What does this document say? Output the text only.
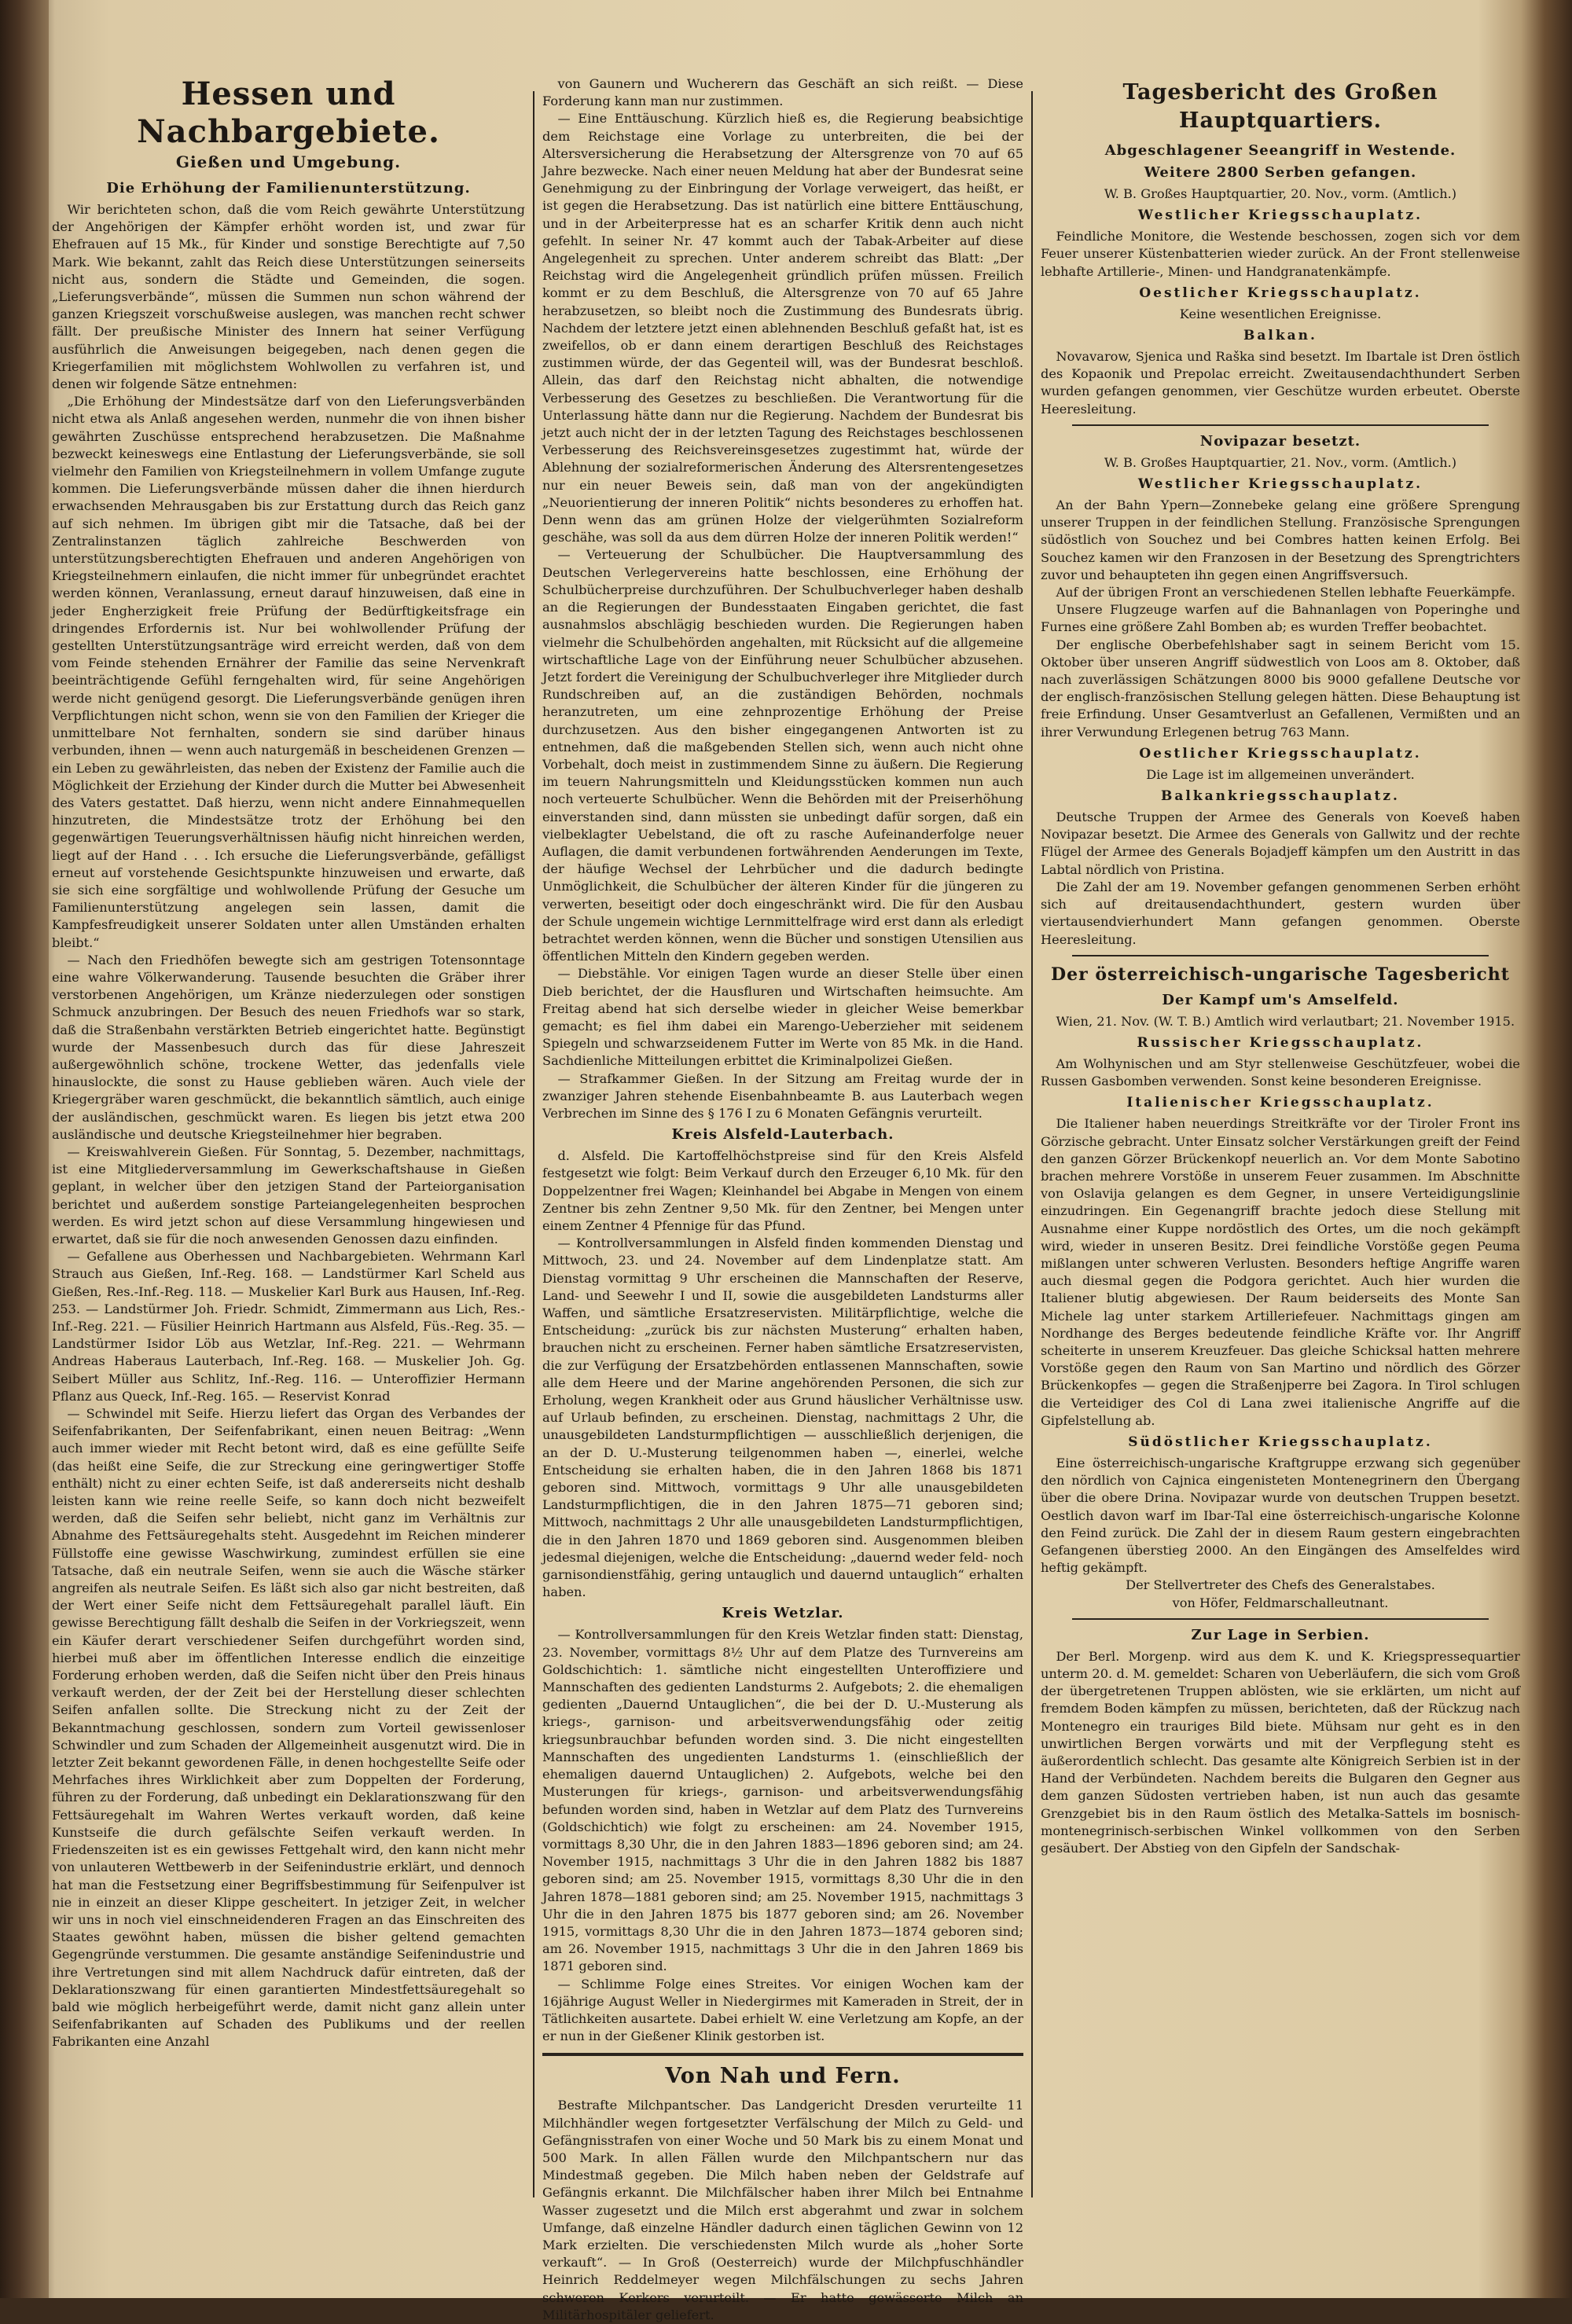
Hessen und Nachbargebiete.
Gießen und Umgebung.
Die Erhöhung der Familienunterstützung.

Wir berichteten schon, daß die vom Reich gewährte Unterstützung der Angehörigen der Kämpfer erhöht worden ist, und zwar für Ehefrauen auf 15 Mk., für Kinder und sonstige Berechtigte auf 7,50 Mark. Wie bekannt, zahlt das Reich diese Unterstützungen seinerseits nicht aus, sondern die Städte und Gemeinden, die sogen. „Lieferungsverbände“, müssen die Summen nun schon während der ganzen Kriegszeit vorschußweise auslegen, was manchen recht schwer fällt. Der preußische Minister des Innern hat seiner Verfügung ausführlich die Anweisungen beigegeben, nach denen gegen die Kriegerfamilien mit möglichstem Wohlwollen zu verfahren ist, und denen wir folgende Sätze entnehmen:

„Die Erhöhung der Mindestsätze darf von den Lieferungsverbänden nicht etwa als Anlaß angesehen werden, nunmehr die von ihnen bisher gewährten Zuschüsse entsprechend herabzusetzen. Die Maßnahme bezweckt keineswegs eine Entlastung der Lieferungsverbände, sie soll vielmehr den Familien von Kriegsteilnehmern in vollem Umfange zugute kommen. Die Lieferungsverbände müssen daher die ihnen hierdurch erwachsenden Mehrausgaben bis zur Erstattung durch das Reich ganz auf sich nehmen. Im übrigen gibt mir die Tatsache, daß bei der Zentralinstanzen täglich zahlreiche Beschwerden von unterstützungsberechtigten Ehefrauen und anderen Angehörigen von Kriegsteilnehmern einlaufen, die nicht immer für unbegründet erachtet werden können, Veranlassung, erneut darauf hinzuweisen, daß eine in jeder Engherzigkeit freie Prüfung der Bedürftigkeitsfrage ein dringendes Erfordernis ist. Nur bei wohlwollender Prüfung der gestellten Unterstützungsanträge wird erreicht werden, daß von dem vom Feinde stehenden Ernährer der Familie das seine Nervenkraft beeinträchtigende Gefühl ferngehalten wird, für seine Angehörigen werde nicht genügend gesorgt. Die Lieferungsverbände genügen ihren Verpflichtungen nicht schon, wenn sie von den Familien der Krieger die unmittelbare Not fernhalten, sondern sie sind darüber hinaus verbunden, ihnen — wenn auch naturgemäß in bescheidenen Grenzen — ein Leben zu gewährleisten, das neben der Existenz der Familie auch die Möglichkeit der Erziehung der Kinder durch die Mutter bei Abwesenheit des Vaters gestattet. Daß hierzu, wenn nicht andere Einnahmequellen hinzutreten, die Mindestsätze trotz der Erhöhung bei den gegenwärtigen Teuerungsverhältnissen häufig nicht hinreichen werden, liegt auf der Hand . . . Ich ersuche die Lieferungsverbände, gefälligst erneut auf vorstehende Gesichtspunkte hinzuweisen und erwarte, daß sie sich eine sorgfältige und wohlwollende Prüfung der Gesuche um Familienunterstützung angelegen sein lassen, damit die Kampfesfreudigkeit unserer Soldaten unter allen Umständen erhalten bleibt.“

— Nach den Friedhöfen bewegte sich am gestrigen Totensonntage eine wahre Völkerwanderung. Tausende besuchten die Gräber ihrer verstorbenen Angehörigen, um Kränze niederzulegen oder sonstigen Schmuck anzubringen. Der Besuch des neuen Friedhofs war so stark, daß die Straßenbahn verstärkten Betrieb eingerichtet hatte. Begünstigt wurde der Massenbesuch durch das für diese Jahreszeit außergewöhnlich schöne, trockene Wetter, das jedenfalls viele hinauslockte, die sonst zu Hause geblieben wären. Auch viele der Kriegergräber waren geschmückt, die bekanntlich sämtlich, auch einige der ausländischen, geschmückt waren. Es liegen bis jetzt etwa 200 ausländische und deutsche Kriegsteilnehmer hier begraben.

— Kreiswahlverein Gießen. Für Sonntag, 5. Dezember, nachmittags, ist eine Mitgliederversammlung im Gewerkschaftshause in Gießen geplant, in welcher über den jetzigen Stand der Parteiorganisation berichtet und außerdem sonstige Parteiangelegenheiten besprochen werden. Es wird jetzt schon auf diese Versammlung hingewiesen und erwartet, daß sie für die noch anwesenden Genossen dazu einfinden.

— Gefallene aus Oberhessen und Nachbargebieten. Wehrmann Karl Strauch aus Gießen, Inf.-Reg. 168. — Landstürmer Karl Scheld aus Gießen, Res.-Inf.-Reg. 118. — Muskelier Karl Burk aus Hausen, Inf.-Reg. 253. — Landstürmer Joh. Friedr. Schmidt, Zimmermann aus Lich, Res.-Inf.-Reg. 221. — Füsilier Heinrich Hartmann aus Alsfeld, Füs.-Reg. 35. — Landstürmer Isidor Löb aus Wetzlar, Inf.-Reg. 221. — Wehrmann Andreas Haberaus Lauterbach, Inf.-Reg. 168. — Muskelier Joh. Gg. Seibert Müller aus Schlitz, Inf.-Reg. 116. — Unteroffizier Hermann Pflanz aus Queck, Inf.-Reg. 165. — Reservist Konrad

— Schwindel mit Seife. Hierzu liefert das Organ des Verbandes der Seifenfabrikanten, Der Seifenfabrikant, einen neuen Beitrag: „Wenn auch immer wieder mit Recht betont wird, daß es eine gefüllte Seife (das heißt eine Seife, die zur Streckung eine geringwertiger Stoffe enthält) nicht zu einer echten Seife, ist daß andererseits nicht deshalb leisten kann wie reine reelle Seife, so kann doch nicht bezweifelt werden, daß die Seifen sehr beliebt, nicht ganz im Verhältnis zur Abnahme des Fettsäuregehalts steht. Ausgedehnt im Reichen minderer Füllstoffe eine gewisse Waschwirkung, zumindest erfüllen sie eine Tatsache, daß ein neutrale Seifen, wenn sie auch die Wäsche stärker angreifen als neutrale Seifen. Es läßt sich also gar nicht bestreiten, daß der Wert einer Seife nicht dem Fettsäuregehalt parallel läuft. Ein gewisse Berechtigung fällt deshalb die Seifen in der Vorkriegszeit, wenn ein Käufer derart verschiedener Seifen durchgeführt worden sind, hierbei muß aber im öffentlichen Interesse endlich die einzeitige Forderung erhoben werden, daß die Seifen nicht über den Preis hinaus verkauft werden, der der Zeit bei der Herstellung dieser schlechten Seifen anfallen sollte. Die Streckung nicht zu der Zeit der Bekanntmachung geschlossen, sondern zum Vorteil gewissenloser Schwindler und zum Schaden der Allgemeinheit ausgenutzt wird. Die in letzter Zeit bekannt gewordenen Fälle, in denen hochgestellte Seife oder Mehrfaches ihres Wirklichkeit aber zum Doppelten der Forderung, führen zu der Forderung, daß unbedingt ein Deklarationszwang für den Fettsäuregehalt im Wahren Wertes verkauft worden, daß keine Kunstseife die durch gefälschte Seifen verkauft werden. In Friedenszeiten ist es ein gewisses Fettgehalt wird, den kann nicht mehr von unlauteren Wettbewerb in der Seifenindustrie erklärt, und dennoch hat man die Festsetzung einer Begriffsbestimmung für Seifenpulver ist nie in einzeit an dieser Klippe gescheitert. In jetziger Zeit, in welcher wir uns in noch viel einschneidenderen Fragen an das Einschreiten des Staates gewöhnt haben, müssen die bisher geltend gemachten Gegengründe verstummen. Die gesamte anständige Seifenindustrie und ihre Vertretungen sind mit allem Nachdruck dafür eintreten, daß der Deklarationszwang für einen garantierten Mindestfettsäuregehalt so bald wie möglich herbeigeführt werde, damit nicht ganz allein unter Seifenfabrikanten auf Schaden des Publikums und der reellen Fabrikanten eine Anzahl

von Gaunern und Wucherern das Geschäft an sich reißt. — Diese Forderung kann man nur zustimmen.

— Eine Enttäuschung. Kürzlich hieß es, die Regierung beabsichtige dem Reichstage eine Vorlage zu unterbreiten, die bei der Altersversicherung die Herabsetzung der Altersgrenze von 70 auf 65 Jahre bezwecke. Nach einer neuen Meldung hat aber der Bundesrat seine Genehmigung zu der Einbringung der Vorlage verweigert, das heißt, er ist gegen die Herabsetzung. Das ist natürlich eine bittere Enttäuschung, und in der Arbeiterpresse hat es an scharfer Kritik denn auch nicht gefehlt. In seiner Nr. 47 kommt auch der Tabak-Arbeiter auf diese Angelegenheit zu sprechen. Unter anderem schreibt das Blatt: „Der Reichstag wird die Angelegenheit gründlich prüfen müssen. Freilich kommt er zu dem Beschluß, die Altersgrenze von 70 auf 65 Jahre herabzusetzen, so bleibt noch die Zustimmung des Bundesrats übrig. Nachdem der letztere jetzt einen ablehnenden Beschluß gefaßt hat, ist es zweifellos, ob er dann einem derartigen Beschluß des Reichstages zustimmen würde, der das Gegenteil will, was der Bundesrat beschloß. Allein, das darf den Reichstag nicht abhalten, die notwendige Verbesserung des Gesetzes zu beschließen. Die Verantwortung für die Unterlassung hätte dann nur die Regierung. Nachdem der Bundesrat bis jetzt auch nicht der in der letzten Tagung des Reichstages beschlossenen Verbesserung des Reichsvereinsgesetzes zugestimmt hat, würde der Ablehnung der sozialreformerischen Änderung des Altersrentengesetzes nur ein neuer Beweis sein, daß man von der angekündigten „Neuorientierung der inneren Politik“ nichts besonderes zu erhoffen hat. Denn wenn das am grünen Holze der vielgerühmten Sozialreform geschähe, was soll da aus dem dürren Holze der inneren Politik werden!“

— Verteuerung der Schulbücher. Die Hauptversammlung des Deutschen Verlegervereins hatte beschlossen, eine Erhöhung der Schulbücherpreise durchzuführen. Der Schulbuchverleger haben deshalb an die Regierungen der Bundesstaaten Eingaben gerichtet, die fast ausnahmslos abschlägig beschieden wurden. Die Regierungen haben vielmehr die Schulbehörden angehalten, mit Rücksicht auf die allgemeine wirtschaftliche Lage von der Einführung neuer Schulbücher abzusehen. Jetzt fordert die Vereinigung der Schulbuchverleger ihre Mitglieder durch Rundschreiben auf, an die zuständigen Behörden, nochmals heranzutreten, um eine zehnprozentige Erhöhung der Preise durchzusetzen. Aus den bisher eingegangenen Antworten ist zu entnehmen, daß die maßgebenden Stellen sich, wenn auch nicht ohne Vorbehalt, doch meist in zustimmendem Sinne zu äußern. Die Regierung im teuern Nahrungsmitteln und Kleidungsstücken kommen nun auch noch verteuerte Schulbücher. Wenn die Behörden mit der Preiserhöhung einverstanden sind, dann müssten sie unbedingt dafür sorgen, daß ein vielbeklagter Uebelstand, die oft zu rasche Aufeinanderfolge neuer Auflagen, die damit verbundenen fortwährenden Aenderungen im Texte, der häufige Wechsel der Lehrbücher und die dadurch bedingte Unmöglichkeit, die Schulbücher der älteren Kinder für die jüngeren zu verwerten, beseitigt oder doch eingeschränkt wird. Die für den Ausbau der Schule ungemein wichtige Lernmittelfrage wird erst dann als erledigt betrachtet werden können, wenn die Bücher und sonstigen Utensilien aus öffentlichen Mitteln den Kindern gegeben werden.

— Diebstähle. Vor einigen Tagen wurde an dieser Stelle über einen Dieb berichtet, der die Hausfluren und Wirtschaften heimsuchte. Am Freitag abend hat sich derselbe wieder in gleicher Weise bemerkbar gemacht; es fiel ihm dabei ein Marengo-Ueberzieher mit seidenem Spiegeln und schwarzseidenem Futter im Werte von 85 Mk. in die Hand. Sachdienliche Mitteilungen erbittet die Kriminalpolizei Gießen.

— Strafkammer Gießen. In der Sitzung am Freitag wurde der in zwanziger Jahren stehende Eisenbahnbeamte B. aus Lauterbach wegen Verbrechen im Sinne des § 176 I zu 6 Monaten Gefängnis verurteilt.

Kreis Alsfeld-Lauterbach.

d. Alsfeld. Die Kartoffelhöchstpreise sind für den Kreis Alsfeld festgesetzt wie folgt: Beim Verkauf durch den Erzeuger 6,10 Mk. für den Doppelzentner frei Wagen; Kleinhandel bei Abgabe in Mengen von einem Zentner bis zehn Zentner 9,50 Mk. für den Zentner, bei Mengen unter einem Zentner 4 Pfennige für das Pfund.

— Kontrollversammlungen in Alsfeld finden kommenden Dienstag und Mittwoch, 23. und 24. November auf dem Lindenplatze statt. Am Dienstag vormittag 9 Uhr erscheinen die Mannschaften der Reserve, Land- und Seewehr I und II, sowie die ausgebildeten Landsturms aller Waffen, und sämtliche Ersatzreservisten. Militärpflichtige, welche die Entscheidung: „zurück bis zur nächsten Musterung“ erhalten haben, brauchen nicht zu erscheinen. Ferner haben sämtliche Ersatzreservisten, die zur Verfügung der Ersatzbehörden entlassenen Mannschaften, sowie alle dem Heere und der Marine angehörenden Personen, die sich zur Erholung, wegen Krankheit oder aus Grund häuslicher Verhältnisse usw. auf Urlaub befinden, zu erscheinen. Dienstag, nachmittags 2 Uhr, die unausgebildeten Landsturmpflichtigen — ausschließlich derjenigen, die an der D. U.-Musterung teilgenommen haben —, einerlei, welche Entscheidung sie erhalten haben, die in den Jahren 1868 bis 1871 geboren sind. Mittwoch, vormittags 9 Uhr alle unausgebildeten Landsturmpflichtigen, die in den Jahren 1875—71 geboren sind; Mittwoch, nachmittags 2 Uhr alle unausgebildeten Landsturmpflichtigen, die in den Jahren 1870 und 1869 geboren sind. Ausgenommen bleiben jedesmal diejenigen, welche die Entscheidung: „dauernd weder feld- noch garnisondienstfähig, gering untauglich und dauernd untauglich“ erhalten haben.

Kreis Wetzlar.

— Kontrollversammlungen für den Kreis Wetzlar finden statt: Dienstag, 23. November, vormittags 8½ Uhr auf dem Platze des Turnvereins am Goldschichtich: 1. sämtliche nicht eingestellten Unteroffiziere und Mannschaften des gedienten Landsturms 2. Aufgebots; 2. die ehemaligen gedienten „Dauernd Untauglichen“, die bei der D. U.-Musterung als kriegs-, garnison- und arbeitsverwendungsfähig oder zeitig kriegsunbrauchbar befunden worden sind. 3. Die nicht eingestellten Mannschaften des ungedienten Landsturms 1. (einschließlich der ehemaligen dauernd Untauglichen) 2. Aufgebots, welche bei den Musterungen für kriegs-, garnison- und arbeitsverwendungsfähig befunden worden sind, haben in Wetzlar auf dem Platz des Turnvereins (Goldschichtich) wie folgt zu erscheinen: am 24. November 1915, vormittags 8,30 Uhr, die in den Jahren 1883—1896 geboren sind; am 24. November 1915, nachmittags 3 Uhr die in den Jahren 1882 bis 1887 geboren sind; am 25. November 1915, vormittags 8,30 Uhr die in den Jahren 1878—1881 geboren sind; am 25. November 1915, nachmittags 3 Uhr die in den Jahren 1875 bis 1877 geboren sind; am 26. November 1915, vormittags 8,30 Uhr die in den Jahren 1873—1874 geboren sind; am 26. November 1915, nachmittags 3 Uhr die in den Jahren 1869 bis 1871 geboren sind.

— Schlimme Folge eines Streites. Vor einigen Wochen kam der 16jährige August Weller in Niedergirmes mit Kameraden in Streit, der in Tätlichkeiten ausartete. Dabei erhielt W. eine Verletzung am Kopfe, an der er nun in der Gießener Klinik gestorben ist.

Von Nah und Fern.

Bestrafte Milchpantscher. Das Landgericht Dresden verurteilte 11 Milchhändler wegen fortgesetzter Verfälschung der Milch zu Geld- und Gefängnisstrafen von einer Woche und 50 Mark bis zu einem Monat und 500 Mark. In allen Fällen wurde den Milchpantschern nur das Mindestmaß gegeben. Die Milch haben neben der Geldstrafe auf Gefängnis erkannt. Die Milchfälscher haben ihrer Milch bei Entnahme Wasser zugesetzt und die Milch erst abgerahmt und zwar in solchem Umfange, daß einzelne Händler dadurch einen täglichen Gewinn von 12 Mark erzielten. Die verschiedensten Milch wurde als „hoher Sorte verkauft“. — In Groß (Oesterreich) wurde der Milchpfuschhändler Heinrich Reddelmeyer wegen Milchfälschungen zu sechs Jahren schweren Kerkers verurteilt. — Er hatte gewässerte Milch an Militärhospitäler geliefert.

Tagesbericht des Großen Hauptquartiers.
Abgeschlagener Seeangriff in Westende.
Weitere 2800 Serben gefangen.

W. B. Großes Hauptquartier, 20. Nov., vorm. (Amtlich.)

Westlicher Kriegsschauplatz.

Feindliche Monitore, die Westende beschossen, zogen sich vor dem Feuer unserer Küstenbatterien wieder zurück. An der Front stellenweise lebhafte Artillerie-, Minen- und Handgranatenkämpfe.

Oestlicher Kriegsschauplatz.

Keine wesentlichen Ereignisse.

Balkan.

Novavarow, Sjenica und Raška sind besetzt. Im Ibartale ist Dren östlich des Kopaonik und Prepolac erreicht. Zweitausendachthundert Serben wurden gefangen genommen, vier Geschütze wurden erbeutet. Oberste Heeresleitung.

Novipazar besetzt.

W. B. Großes Hauptquartier, 21. Nov., vorm. (Amtlich.)

Westlicher Kriegsschauplatz.

An der Bahn Ypern—Zonnebeke gelang eine größere Sprengung unserer Truppen in der feindlichen Stellung. Französische Sprengungen südöstlich von Souchez und bei Combres hatten keinen Erfolg. Bei Souchez kamen wir den Franzosen in der Besetzung des Sprengtrichters zuvor und behaupteten ihn gegen einen Angriffsversuch.

Auf der übrigen Front an verschiedenen Stellen lebhafte Feuerkämpfe.

Unsere Flugzeuge warfen auf die Bahnanlagen von Poperinghe und Furnes eine größere Zahl Bomben ab; es wurden Treffer beobachtet.

Der englische Oberbefehlshaber sagt in seinem Bericht vom 15. Oktober über unseren Angriff südwestlich von Loos am 8. Oktober, daß nach zuverlässigen Schätzungen 8000 bis 9000 gefallene Deutsche vor der englisch-französischen Stellung gelegen hätten. Diese Behauptung ist freie Erfindung. Unser Gesamtverlust an Gefallenen, Vermißten und an ihrer Verwundung Erlegenen betrug 763 Mann.

Oestlicher Kriegsschauplatz.

Die Lage ist im allgemeinen unverändert.

Balkankriegsschauplatz.

Deutsche Truppen der Armee des Generals von Koeveß haben Novipazar besetzt. Die Armee des Generals von Gallwitz und der rechte Flügel der Armee des Generals Bojadjeff kämpfen um den Austritt in das Labtal nördlich von Pristina.

Die Zahl der am 19. November gefangen genommenen Serben erhöht sich auf dreitausendachthundert, gestern wurden über viertausendvierhundert Mann gefangen genommen. Oberste Heeresleitung.

Der österreichisch-ungarische Tagesbericht
Der Kampf um's Amselfeld.

Wien, 21. Nov. (W. T. B.) Amtlich wird verlautbart; 21. November 1915.

Russischer Kriegsschauplatz.

Am Wolhynischen und am Styr stellenweise Geschützfeuer, wobei die Russen Gasbomben verwenden. Sonst keine besonderen Ereignisse.

Italienischer Kriegsschauplatz.

Die Italiener haben neuerdings Streitkräfte vor der Tiroler Front ins Görzische gebracht. Unter Einsatz solcher Verstärkungen greift der Feind den ganzen Görzer Brückenkopf neuerlich an. Vor dem Monte Sabotino brachen mehrere Vorstöße in unserem Feuer zusammen. Im Abschnitte von Oslavija gelangen es dem Gegner, in unsere Verteidigungslinie einzudringen. Ein Gegenangriff brachte jedoch diese Stellung mit Ausnahme einer Kuppe nordöstlich des Ortes, um die noch gekämpft wird, wieder in unseren Besitz. Drei feindliche Vorstöße gegen Peuma mißlangen unter schweren Verlusten. Besonders heftige Angriffe waren auch diesmal gegen die Podgora gerichtet. Auch hier wurden die Italiener blutig abgewiesen. Der Raum beiderseits des Monte San Michele lag unter starkem Artilleriefeuer. Nachmittags gingen am Nordhange des Berges bedeutende feindliche Kräfte vor. Ihr Angriff scheiterte in unserem Kreuzfeuer. Das gleiche Schicksal hatten mehrere Vorstöße gegen den Raum von San Martino und nördlich des Görzer Brückenkopfes — gegen die Straßenjperre bei Zagora. In Tirol schlugen die Verteidiger des Col di Lana zwei italienische Angriffe auf die Gipfelstellung ab.

Südöstlicher Kriegsschauplatz.

Eine österreichisch-ungarische Kraftgruppe erzwang sich gegenüber den nördlich von Cajnica eingenisteten Montenegrinern den Übergang über die obere Drina. Novipazar wurde von deutschen Truppen besetzt. Oestlich davon warf im Ibar-Tal eine österreichisch-ungarische Kolonne den Feind zurück. Die Zahl der in diesem Raum gestern eingebrachten Gefangenen überstieg 2000. An den Eingängen des Amselfeldes wird heftig gekämpft.

Der Stellvertreter des Chefs des Generalstabes.

von Höfer, Feldmarschalleutnant.

Zur Lage in Serbien.

Der Berl. Morgenp. wird aus dem K. und K. Kriegspressequartier unterm 20. d. M. gemeldet: Scharen von Ueberläufern, die sich vom Groß der übergetretenen Truppen ablösten, wie sie erklärten, um nicht auf fremdem Boden kämpfen zu müssen, berichteten, daß der Rückzug nach Montenegro ein trauriges Bild biete. Mühsam nur geht es in den unwirtlichen Bergen vorwärts und mit der Verpflegung steht es äußerordentlich schlecht. Das gesamte alte Königreich Serbien ist in der Hand der Verbündeten. Nachdem bereits die Bulgaren den Gegner aus dem ganzen Südosten vertrieben haben, ist nun auch das gesamte Grenzgebiet bis in den Raum östlich des Metalka-Sattels im bosnisch-montenegrinisch-serbischen Winkel vollkommen von den Serben gesäubert. Der Abstieg von den Gipfeln der Sandschak-
